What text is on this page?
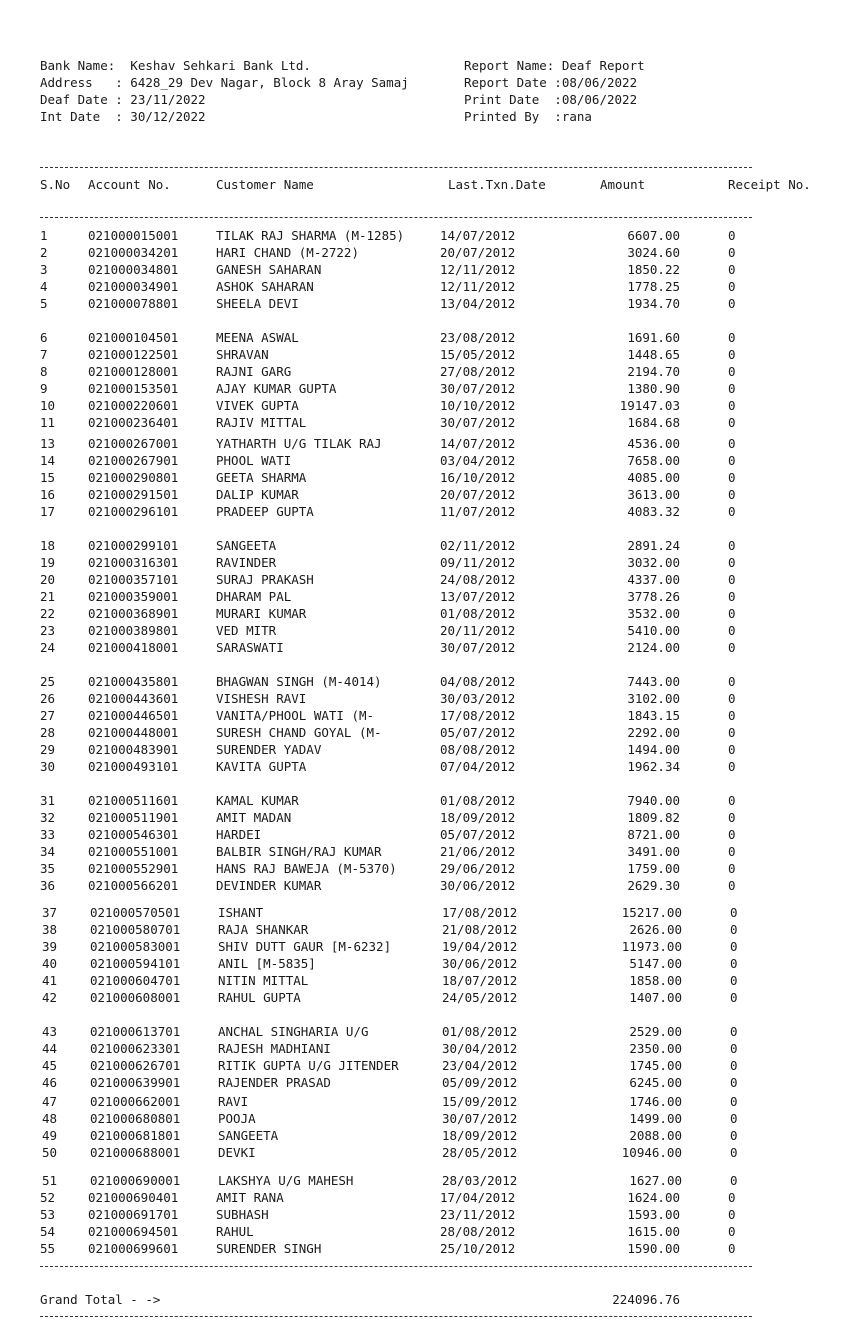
Bank Name:  Keshav Sehkari Bank Ltd.
Address   : 6428_29 Dev Nagar, Block 8 Aray Samaj
Deaf Date : 23/11/2022
Int Date  : 30/12/2022
Report Name: Deaf Report
Report Date :08/06/2022
Print Date  :08/06/2022
Printed By  :rana
S.No Account No.	Customer Name	Last.Txn.Date	Amount	Receipt No.
1	021000015001	TILAK RAJ SHARMA (M-1285)	14/07/2012	6607.00	0
2	021000034201	HARI CHAND (M-2722)	20/07/2012	3024.60	0
3	021000034801	GANESH SAHARAN	12/11/2012	1850.22	0
4	021000034901	ASHOK SAHARAN	12/11/2012	1778.25	0
5	021000078801	SHEELA DEVI	13/04/2012	1934.70	0
6	021000104501	MEENA ASWAL	23/08/2012	1691.60	0
7	021000122501	SHRAVAN	15/05/2012	1448.65	0
8	021000128001	RAJNI GARG	27/08/2012	2194.70	0
9	021000153501	AJAY KUMAR GUPTA	30/07/2012	1380.90	0
10	021000220601	VIVEK GUPTA	10/10/2012	19147.03	0
11	021000236401	RAJIV MITTAL	30/07/2012	1684.68	0
13	021000267001	YATHARTH U/G TILAK RAJ	14/07/2012	4536.00	0
14	021000267901	PHOOL WATI	03/04/2012	7658.00	0
15	021000290801	GEETA SHARMA	16/10/2012	4085.00	0
16	021000291501	DALIP KUMAR	20/07/2012	3613.00	0
17	021000296101	PRADEEP GUPTA	11/07/2012	4083.32	0
18	021000299101	SANGEETA	02/11/2012	2891.24	0
19	021000316301	RAVINDER	09/11/2012	3032.00	0
20	021000357101	SURAJ PRAKASH	24/08/2012	4337.00	0
21	021000359001	DHARAM PAL	13/07/2012	3778.26	0
22	021000368901	MURARI KUMAR	01/08/2012	3532.00	0
23	021000389801	VED MITR	20/11/2012	5410.00	0
24	021000418001	SARASWATI	30/07/2012	2124.00	0
25	021000435801	BHAGWAN SINGH (M-4014)	04/08/2012	7443.00	0
26	021000443601	VISHESH RAVI	30/03/2012	3102.00	0
27	021000446501	VANITA/PHOOL WATI (M-	17/08/2012	1843.15	0
28	021000448001	SURESH CHAND GOYAL (M-	05/07/2012	2292.00	0
29	021000483901	SURENDER YADAV	08/08/2012	1494.00	0
30	021000493101	KAVITA GUPTA	07/04/2012	1962.34	0
31	021000511601	KAMAL KUMAR	01/08/2012	7940.00	0
32	021000511901	AMIT MADAN	18/09/2012	1809.82	0
33	021000546301	HARDEI	05/07/2012	8721.00	0
34	021000551001	BALBIR SINGH/RAJ KUMAR	21/06/2012	3491.00	0
35	021000552901	HANS RAJ BAWEJA (M-5370)	29/06/2012	1759.00	0
36	021000566201	DEVINDER KUMAR	30/06/2012	2629.30	0
37	021000570501	ISHANT	17/08/2012	15217.00	0
38	021000580701	RAJA SHANKAR	21/08/2012	2626.00	0
39	021000583001	SHIV DUTT GAUR [M-6232]	19/04/2012	11973.00	0
40	021000594101	ANIL [M-5835]	30/06/2012	5147.00	0
41	021000604701	NITIN MITTAL	18/07/2012	1858.00	0
42	021000608001	RAHUL GUPTA	24/05/2012	1407.00	0
43	021000613701	ANCHAL SINGHARIA U/G	01/08/2012	2529.00	0
44	021000623301	RAJESH MADHIANI	30/04/2012	2350.00	0
45	021000626701	RITIK GUPTA U/G JITENDER	23/04/2012	1745.00	0
46	021000639901	RAJENDER PRASAD	05/09/2012	6245.00	0
47	021000662001	RAVI	15/09/2012	1746.00	0
48	021000680801	POOJA	30/07/2012	1499.00	0
49	021000681801	SANGEETA	18/09/2012	2088.00	0
50	021000688001	DEVKI	28/05/2012	10946.00	0
51	021000690001	LAKSHYA U/G MAHESH	28/03/2012	1627.00	0
52	021000690401	AMIT RANA	17/04/2012	1624.00	0
53	021000691701	SUBHASH	23/11/2012	1593.00	0
54	021000694501	RAHUL	28/08/2012	1615.00	0
55	021000699601	SURENDER SINGH	25/10/2012	1590.00	0
Grand Total - ->	224096.76
